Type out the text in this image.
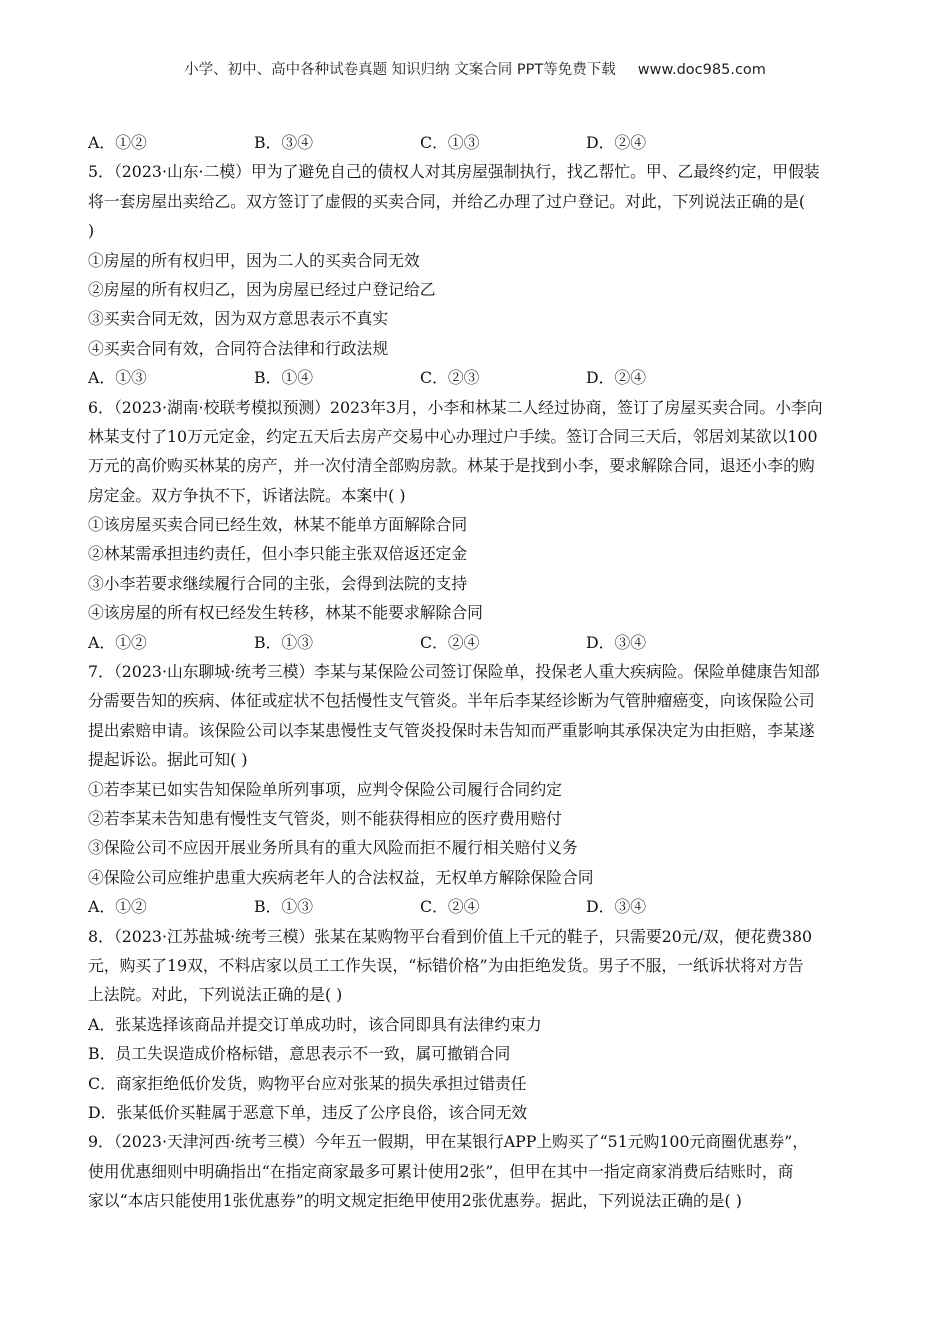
小学、初中、高中各种试卷真题 知识归纳 文案合同 PPT等免费下载 www.doc985.com
A．①②	B．③④	C．①③	D．②④
5．（2023·山东·二模）甲为了避免自己的债权人对其房屋强制执行，找乙帮忙。甲、乙最终约定，甲假装
将一套房屋出卖给乙。双方签订了虚假的买卖合同，并给乙办理了过户登记。对此，下列说法正确的是(
)
①房屋的所有权归甲，因为二人的买卖合同无效
②房屋的所有权归乙，因为房屋已经过户登记给乙
③买卖合同无效，因为双方意思表示不真实
④买卖合同有效，合同符合法律和行政法规
A．①③	B．①④	C．②③	D．②④
6．（2023·湖南·校联考模拟预测）2023年3月，小李和林某二人经过协商，签订了房屋买卖合同。小李向
林某支付了10万元定金，约定五天后去房产交易中心办理过户手续。签订合同三天后，邻居刘某欲以100
万元的高价购买林某的房产，并一次付清全部购房款。林某于是找到小李，要求解除合同，退还小李的购
房定金。双方争执不下，诉诸法院。本案中( )
①该房屋买卖合同已经生效，林某不能单方面解除合同
②林某需承担违约责任，但小李只能主张双倍返还定金
③小李若要求继续履行合同的主张，会得到法院的支持
④该房屋的所有权已经发生转移，林某不能要求解除合同
A．①②	B．①③	C．②④	D．③④
7．（2023·山东聊城·统考三模）李某与某保险公司签订保险单，投保老人重大疾病险。保险单健康告知部
分需要告知的疾病、体征或症状不包括慢性支气管炎。半年后李某经诊断为气管肿瘤癌变，向该保险公司
提出索赔申请。该保险公司以李某患慢性支气管炎投保时未告知而严重影响其承保决定为由拒赔，李某遂
提起诉讼。据此可知( )
①若李某已如实告知保险单所列事项，应判令保险公司履行合同约定
②若李某未告知患有慢性支气管炎，则不能获得相应的医疗费用赔付
③保险公司不应因开展业务所具有的重大风险而拒不履行相关赔付义务
④保险公司应维护患重大疾病老年人的合法权益，无权单方解除保险合同
A．①②	B．①③	C．②④	D．③④
8．（2023·江苏盐城·统考三模）张某在某购物平台看到价值上千元的鞋子，只需要20元/双，便花费380
元，购买了19双，不料店家以员工工作失误，“标错价格”为由拒绝发货。男子不服，一纸诉状将对方告
上法院。对此，下列说法正确的是( )
A．张某选择该商品并提交订单成功时，该合同即具有法律约束力
B．员工失误造成价格标错，意思表示不一致，属可撤销合同
C．商家拒绝低价发货，购物平台应对张某的损失承担过错责任
D．张某低价买鞋属于恶意下单，违反了公序良俗，该合同无效
9．（2023·天津河西·统考三模）今年五一假期，甲在某银行APP上购买了“51元购100元商圈优惠券”，
使用优惠细则中明确指出“在指定商家最多可累计使用2张”，但甲在其中一指定商家消费后结账时，商
家以“本店只能使用1张优惠券”的明文规定拒绝甲使用2张优惠券。据此，下列说法正确的是( )
